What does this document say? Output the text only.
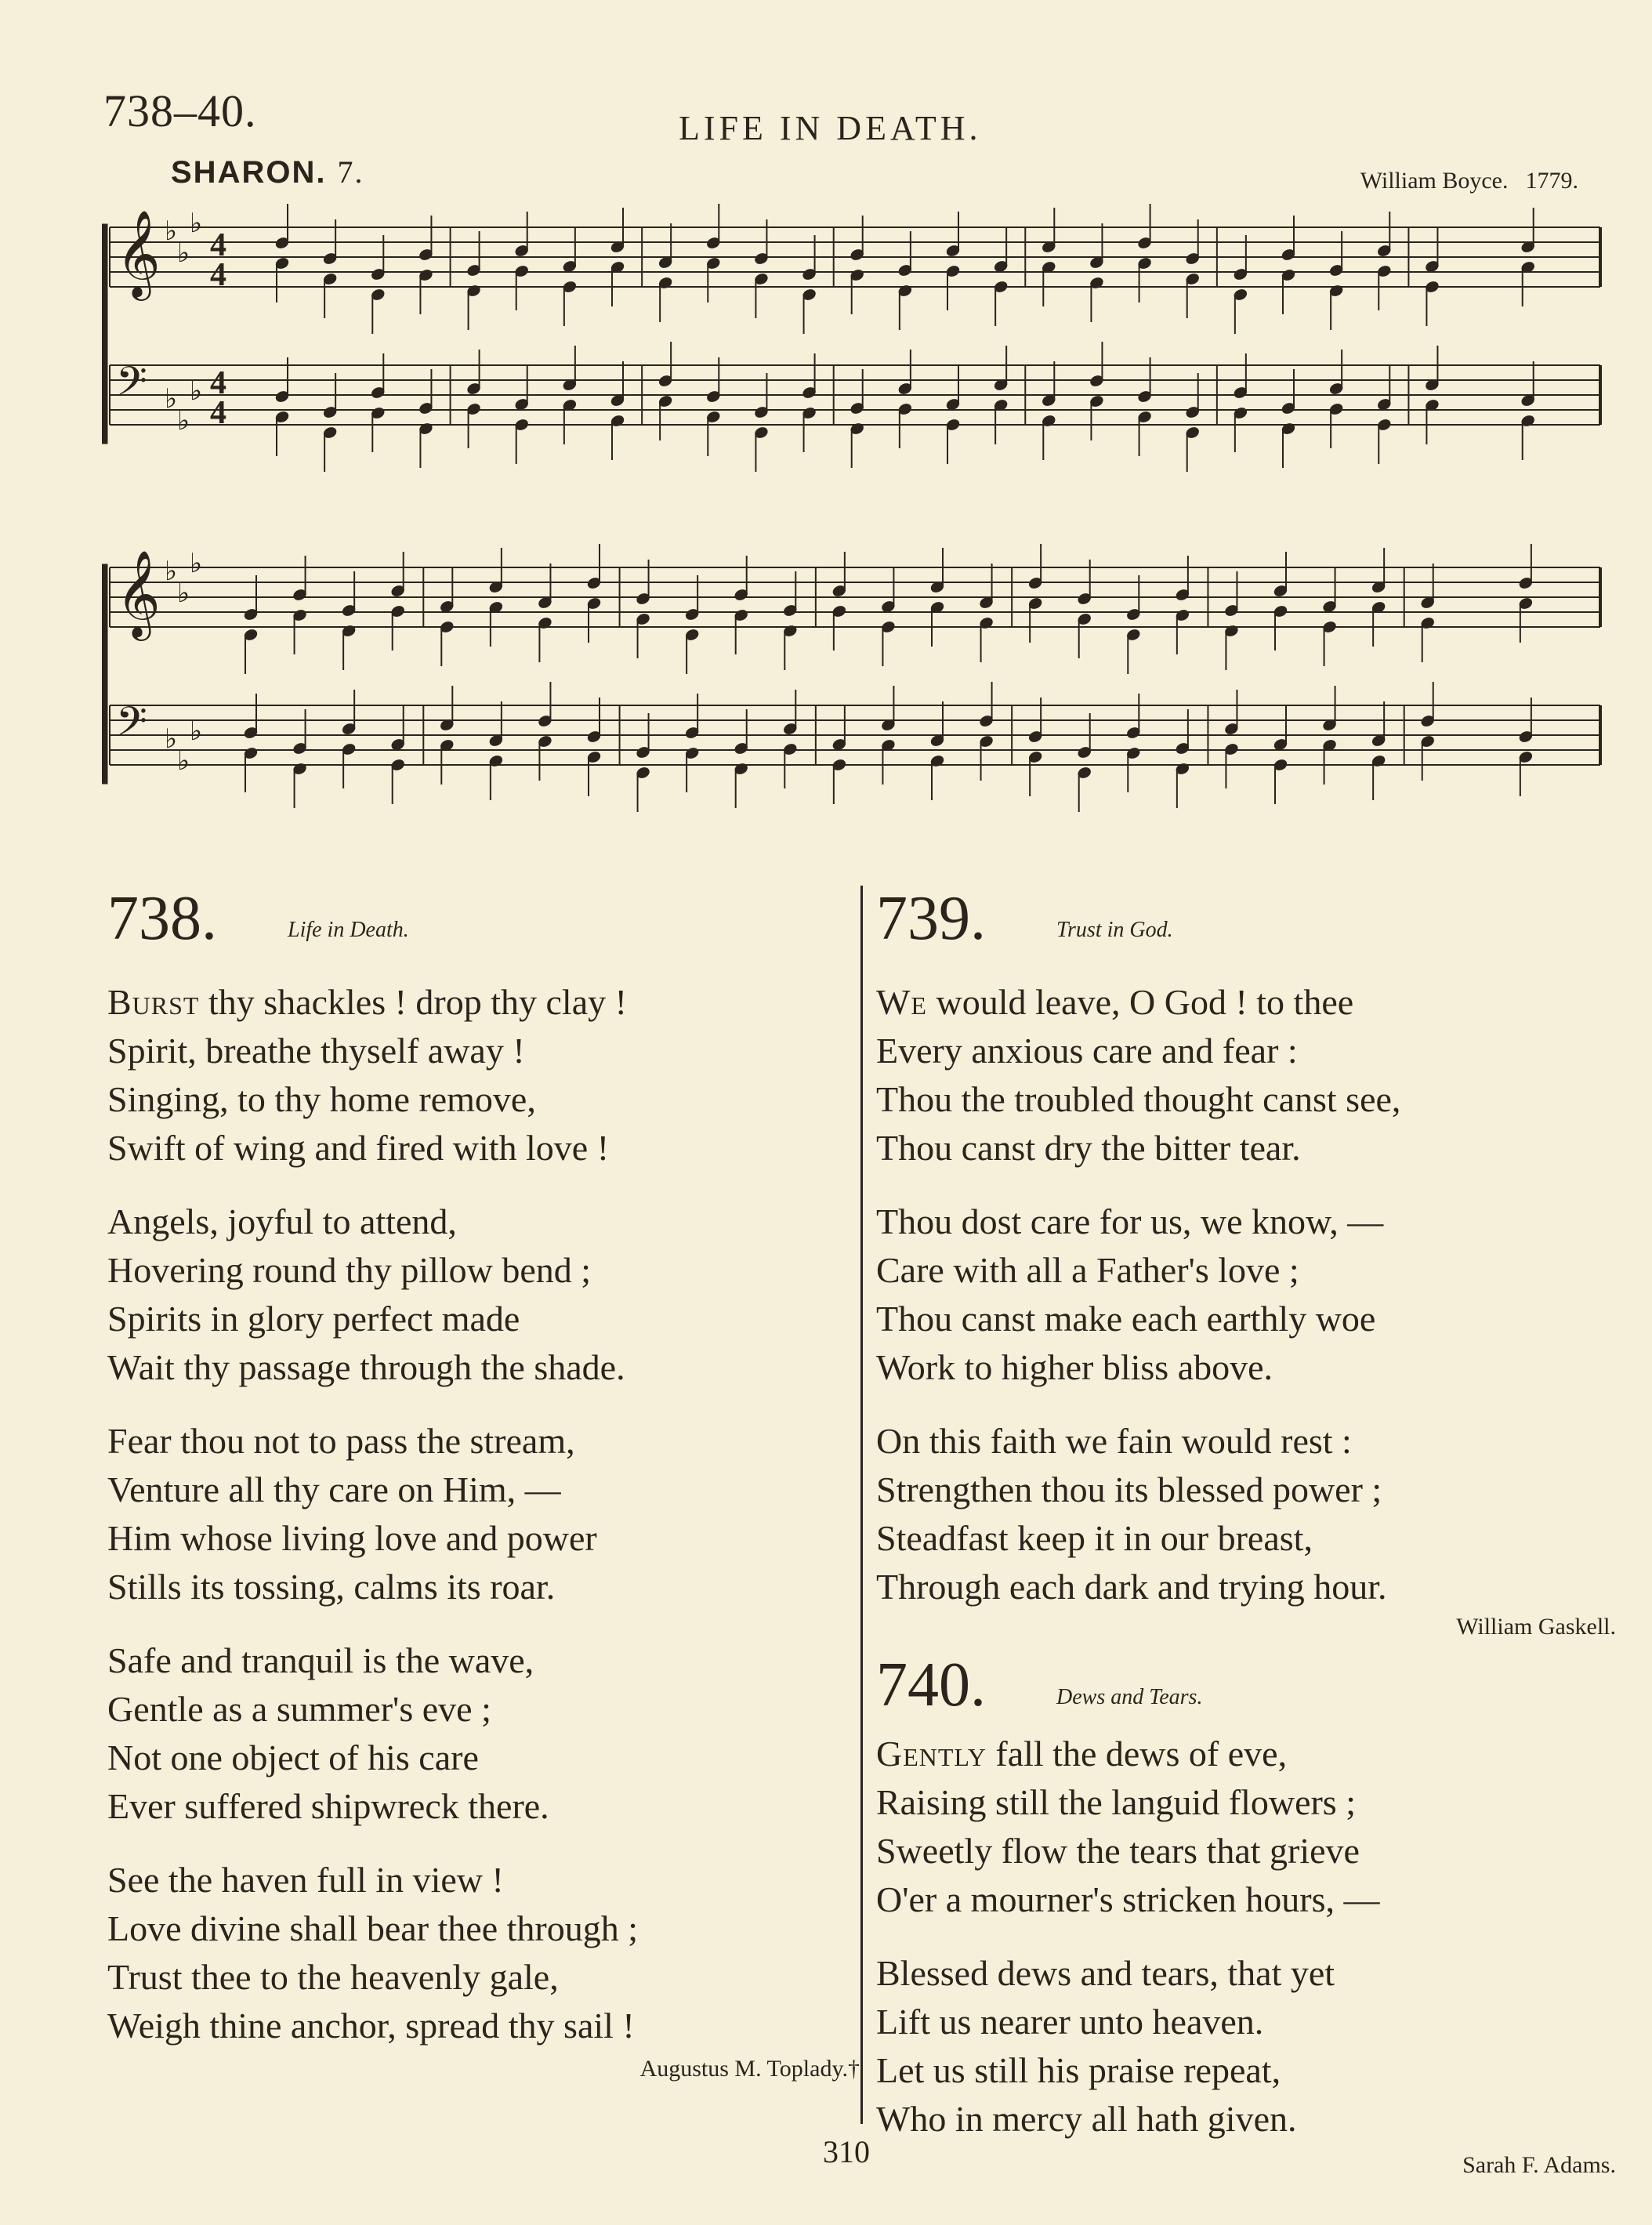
738–40.	LIFE IN DEATH.
SHARON. 7.	William Boyce. 1779.
𝄞 ♭
♭
♭
4
4
𝄢 ♭
♭
♭ 4
4
𝄞 ♭
♭
♭
𝄢 ♭
♭
♭
738.	Life in Death.
Burst thy shackles ! drop thy clay !
Spirit, breathe thyself away !
Singing, to thy home remove,
Swift of wing and fired with love !
Angels, joyful to attend,
Hovering round thy pillow bend ;
Spirits in glory perfect made
Wait thy passage through the shade.
Fear thou not to pass the stream,
Venture all thy care on Him, —
Him whose living love and power
Stills its tossing, calms its roar.
Safe and tranquil is the wave,
Gentle as a summer's eve ;
Not one object of his care
Ever suffered shipwreck there.
See the haven full in view !
Love divine shall bear thee through ;
Trust thee to the heavenly gale,
Weigh thine anchor, spread thy sail !
Augustus M. Toplady.†
739.	Trust in God.
We would leave, O God ! to thee
Every anxious care and fear :
Thou the troubled thought canst see,
Thou canst dry the bitter tear.
Thou dost care for us, we know, —
Care with all a Father's love ;
Thou canst make each earthly woe
Work to higher bliss above.
On this faith we fain would rest :
Strengthen thou its blessed power ;
Steadfast keep it in our breast,
Through each dark and trying hour.
William Gaskell.
740.	Dews and Tears.
Gently fall the dews of eve,
Raising still the languid flowers ;
Sweetly flow the tears that grieve
O'er a mourner's stricken hours, —
Blessed dews and tears, that yet
Lift us nearer unto heaven.
Let us still his praise repeat,
Who in mercy all hath given.
Sarah F. Adams.
310
